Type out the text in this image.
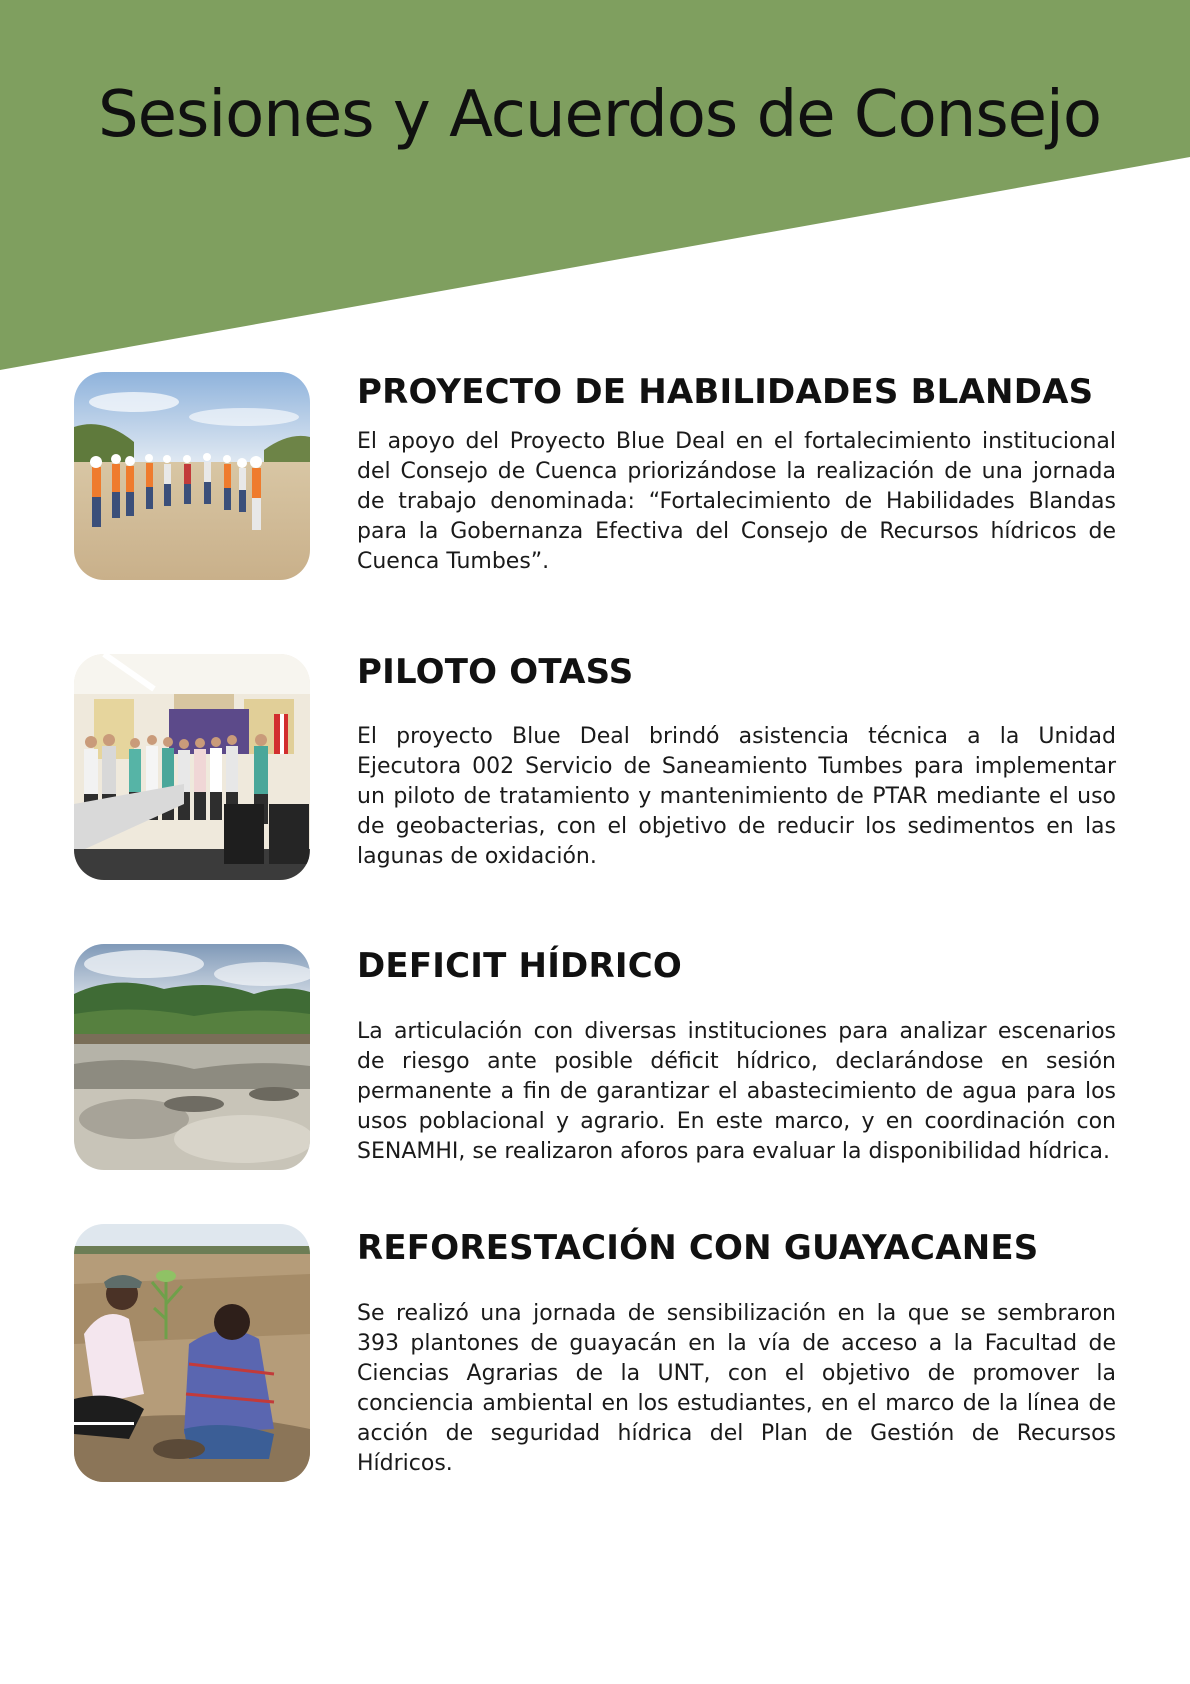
Sesiones y Acuerdos de Consejo
PROYECTO DE HABILIDADES BLANDAS

El apoyo del Proyecto Blue Deal en el fortalecimiento institucional del Consejo de Cuenca priorizándose la realización de una jornada de trabajo denominada: “Fortalecimiento de Habilidades Blandas para la Gobernanza Efectiva del Consejo de Recursos hídricos de Cuenca Tumbes”.

PILOTO OTASS

El proyecto Blue Deal brindó asistencia técnica a la Unidad Ejecutora 002 Servicio de Saneamiento Tumbes para implementar un piloto de tratamiento y mantenimiento de PTAR mediante el uso de geobacterias, con el objetivo de reducir los sedimentos en las lagunas de oxidación.

DEFICIT HÍDRICO

La articulación con diversas instituciones para analizar escenarios de riesgo ante posible déficit hídrico, declarándose en sesión permanente a fin de garantizar el abastecimiento de agua para los usos poblacional y agrario. En este marco, y en coordinación con SENAMHI, se realizaron aforos para evaluar la disponibilidad hídrica.

REFORESTACIÓN CON GUAYACANES

Se realizó una jornada de sensibilización en la que se sembraron 393 plantones de guayacán en la vía de acceso a la Facultad de Ciencias Agrarias de la UNT, con el objetivo de promover la conciencia ambiental en los estudiantes, en el marco de la línea de acción de seguridad hídrica del Plan de Gestión de Recursos Hídricos.
